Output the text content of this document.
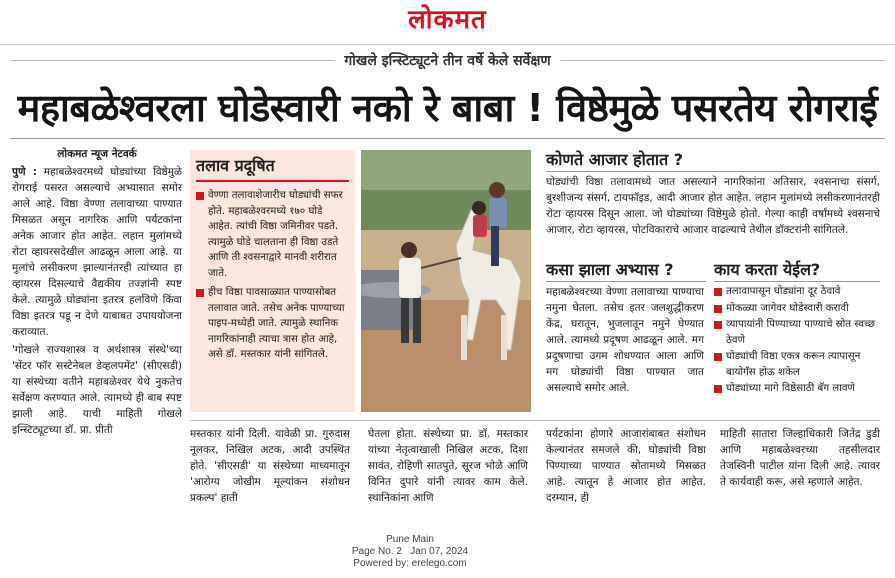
लोकमत
गोखले इन्स्टिट्यूटने तीन वर्षे केले सर्वेक्षण
महाबळेश्वरला घोडेस्वारी नको रे बाबा ! विष्ठेमुळे पसरतेय रोगराई
लोकमत न्यूज नेटवर्क

पुणे : महाबळेश्वरमध्ये घोड्यांच्या विष्ठेमुळे रोगराई पसरत असल्याचे अभ्यासात समोर आले आहे. विष्ठा वेण्णा तलावाच्या पाण्यात मिसळत असून नागरिक आणि पर्यटकांना अनेक आजार होत आहेत. लहान मुलांमध्ये रोटा व्हायरसदेखील आढळून आला आहे. या मुलांचे लसीकरण झाल्यानंतरही त्यांच्यात हा व्हायरस दिसल्याचे वैद्यकीय तज्ज्ञांनी स्पष्ट केले. त्यामुळे घोड्यांना इतरत्र हलविणे किंवा विष्ठा इतरत्र पडू न देणे याबाबत उपाययोजना कराव्यात.

'गोखले राज्यशास्त्र व अर्थशास्त्र संस्थे'च्या 'सेंटर फॉर सस्टेनेबल डेव्हलपमेंट' (सीएसडी) या संस्थेच्या वतीने महाबळेश्वर येथे नुकतेच सर्वेक्षण करण्यात आले. त्यामध्ये ही बाब स्पष्ट झाली आहे. याची माहिती गोखले इन्स्टिट्यूटच्या डॉ. प्रा. प्रीती

तलाव प्रदूषित
वेण्णा तलावाशेजारीच घोड्यांची सफर होते. महाबळेश्वरमध्ये १७० घोडे आहेत. त्यांची विष्ठा जमिनीवर पडते. त्यामुळे घोडे चालताना ही विष्ठा उडते आणि ती श्वसनाद्वारे मानवी शरीरात जाते.
हीच विष्ठा पावसाळ्यात पाण्यासोबत तलावात जाते. तसेच अनेक पाण्याच्या पाइप-मध्येही जाते. त्यामुळे स्थानिक नागरिकांनाही त्याचा त्रास होत आहे, असे डॉ. मस्तकार यांनी सांगितले.
कोणते आजार होतात ?

घोड्यांची विष्ठा तलावामध्ये जात असल्याने नागरिकांना अतिसार, श्वसनाचा संसर्ग, बुरशीजन्य संसर्ग, टायफॉइड, आदी आजार होत आहेत. लहान मुलांमध्ये लसीकरणानंतरही रोटा व्हायरस दिसून आला. जो घोड्यांच्या विष्ठेमुळे होतो. गेल्या काही वर्षांमध्ये श्वसनाचे आजार, रोटा व्हायरस, पोटविकाराचे आजार वाढल्याचे तेथील डॉक्टरांनी सांगितले.

कसा झाला अभ्यास ?

महाबळेश्वरच्या वेण्णा तलावाच्या पाण्याचा नमुना घेतला. तसेच इतर जलशुद्धीकरण केंद्र, घरातून, भुजलातून नमुने घेण्यात आले. त्यामध्ये प्रदूषण आढळून आले. मग प्रदूषणाचा उगम शोधण्यात आला आणि मग घोड्यांची विष्ठा पाण्यात जात असल्याचे समोर आले.

काय करता येईल?
तलावापासून घोड्यांना दूर ठेवावे
मोकळ्या जागेवर घोडेस्वारी करावी
व्यापायांनी पिण्याच्या पाण्याचे स्रोत स्वच्छ ठेवणे
घोड्यांची विष्ठा एकत्र करून त्यापासून बायोगॅस होऊ शकेल
घोड्यांच्या मागे विष्ठेसाठी बॅग लावणे

मस्तकार यांनी दिली. यावेळी प्रा. गुरुदास नूलकर, निखिल अटक, आदी उपस्थित होते. 'सीएसडी' या संस्थेच्या माध्यमातून 'आरोग्य जोखीम मूल्यांकन संशोधन प्रकल्प' हाती

घेतला होता. संस्थेच्या प्रा. डॉ. मस्तकार यांच्या नेतृत्वाखाली निखिल अटक, दिशा सावंत, रोहिणी सातपुते, सूरज भोळे आणि विनित दुपारे यांनी त्यावर काम केले. स्थानिकांना आणि

पर्यटकांना होणारे आजारांबाबत संशोधन केल्यानंतर समजले की, घोड्यांची विष्ठा पिण्याच्या पाण्यात स्रोतामध्ये मिसळत आहे. त्यातून हे आजार होत आहेत. दरम्यान, ही

माहिती सातारा जिल्हाधिकारी जितेंद्र डुडी आणि महाबळेश्वरच्या तहसीलदार तेजस्विनी पाटील यांना दिली आहे. त्यावर ते कार्यवाही करू, असे म्हणाले आहेत.

Pune Main
Page No. 2   Jan 07, 2024
Powered by: erelego.com
